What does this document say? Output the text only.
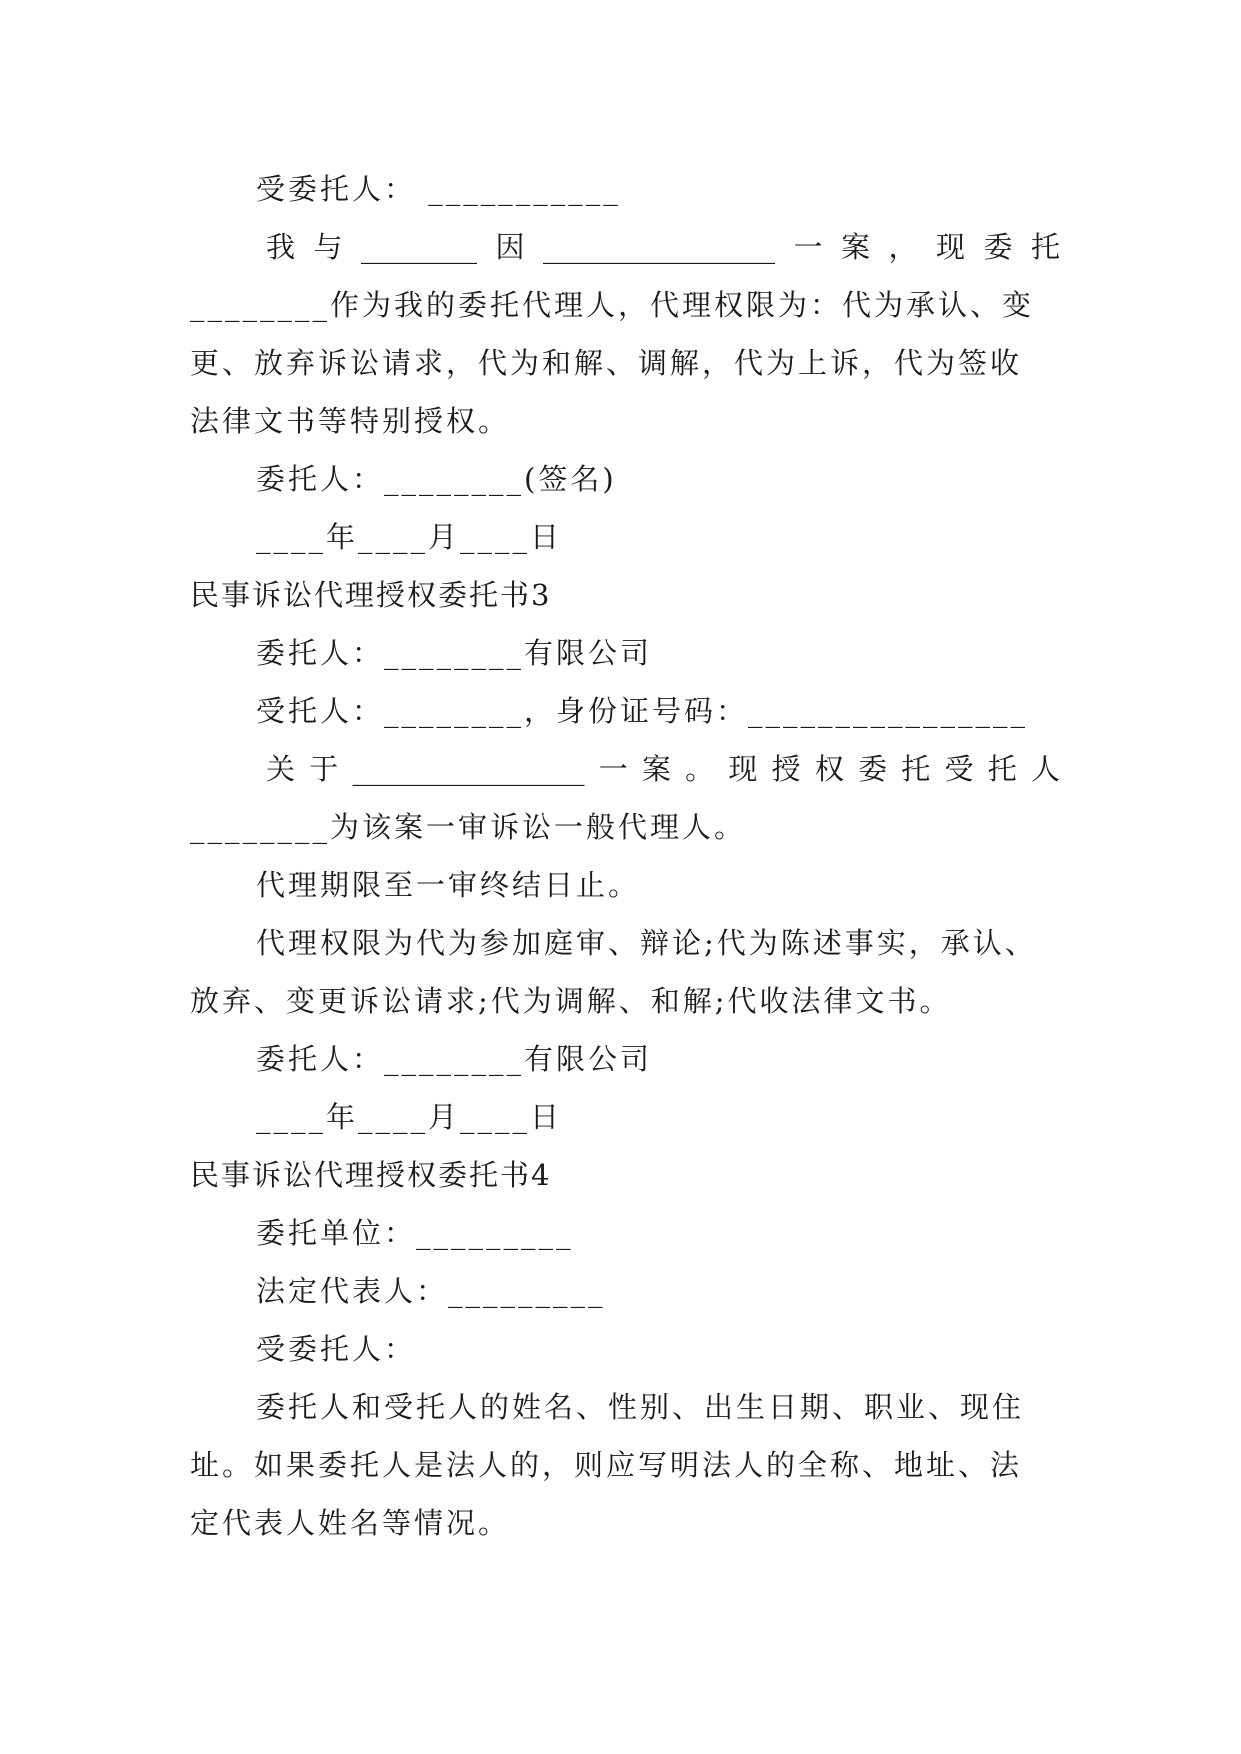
受委托人： ___________
我与________因________________一案，现委托
________作为我的委托代理人，代理权限为：代为承认、变
更、放弃诉讼请求，代为和解、调解，代为上诉，代为签收
法律文书等特别授权。
委托人：________(签名)
____年____月____日
民事诉讼代理授权委托书3
委托人：________有限公司
受托人：________，身份证号码：________________
关于________________一案。现授权委托受托人
________为该案一审诉讼一般代理人。
代理期限至一审终结日止。
代理权限为代为参加庭审、辩论;代为陈述事实，承认、
放弃、变更诉讼请求;代为调解、和解;代收法律文书。
委托人：________有限公司
____年____月____日
民事诉讼代理授权委托书4
委托单位：_________
法定代表人：_________
受委托人：
委托人和受托人的姓名、性别、出生日期、职业、现住
址。如果委托人是法人的，则应写明法人的全称、地址、法
定代表人姓名等情况。
